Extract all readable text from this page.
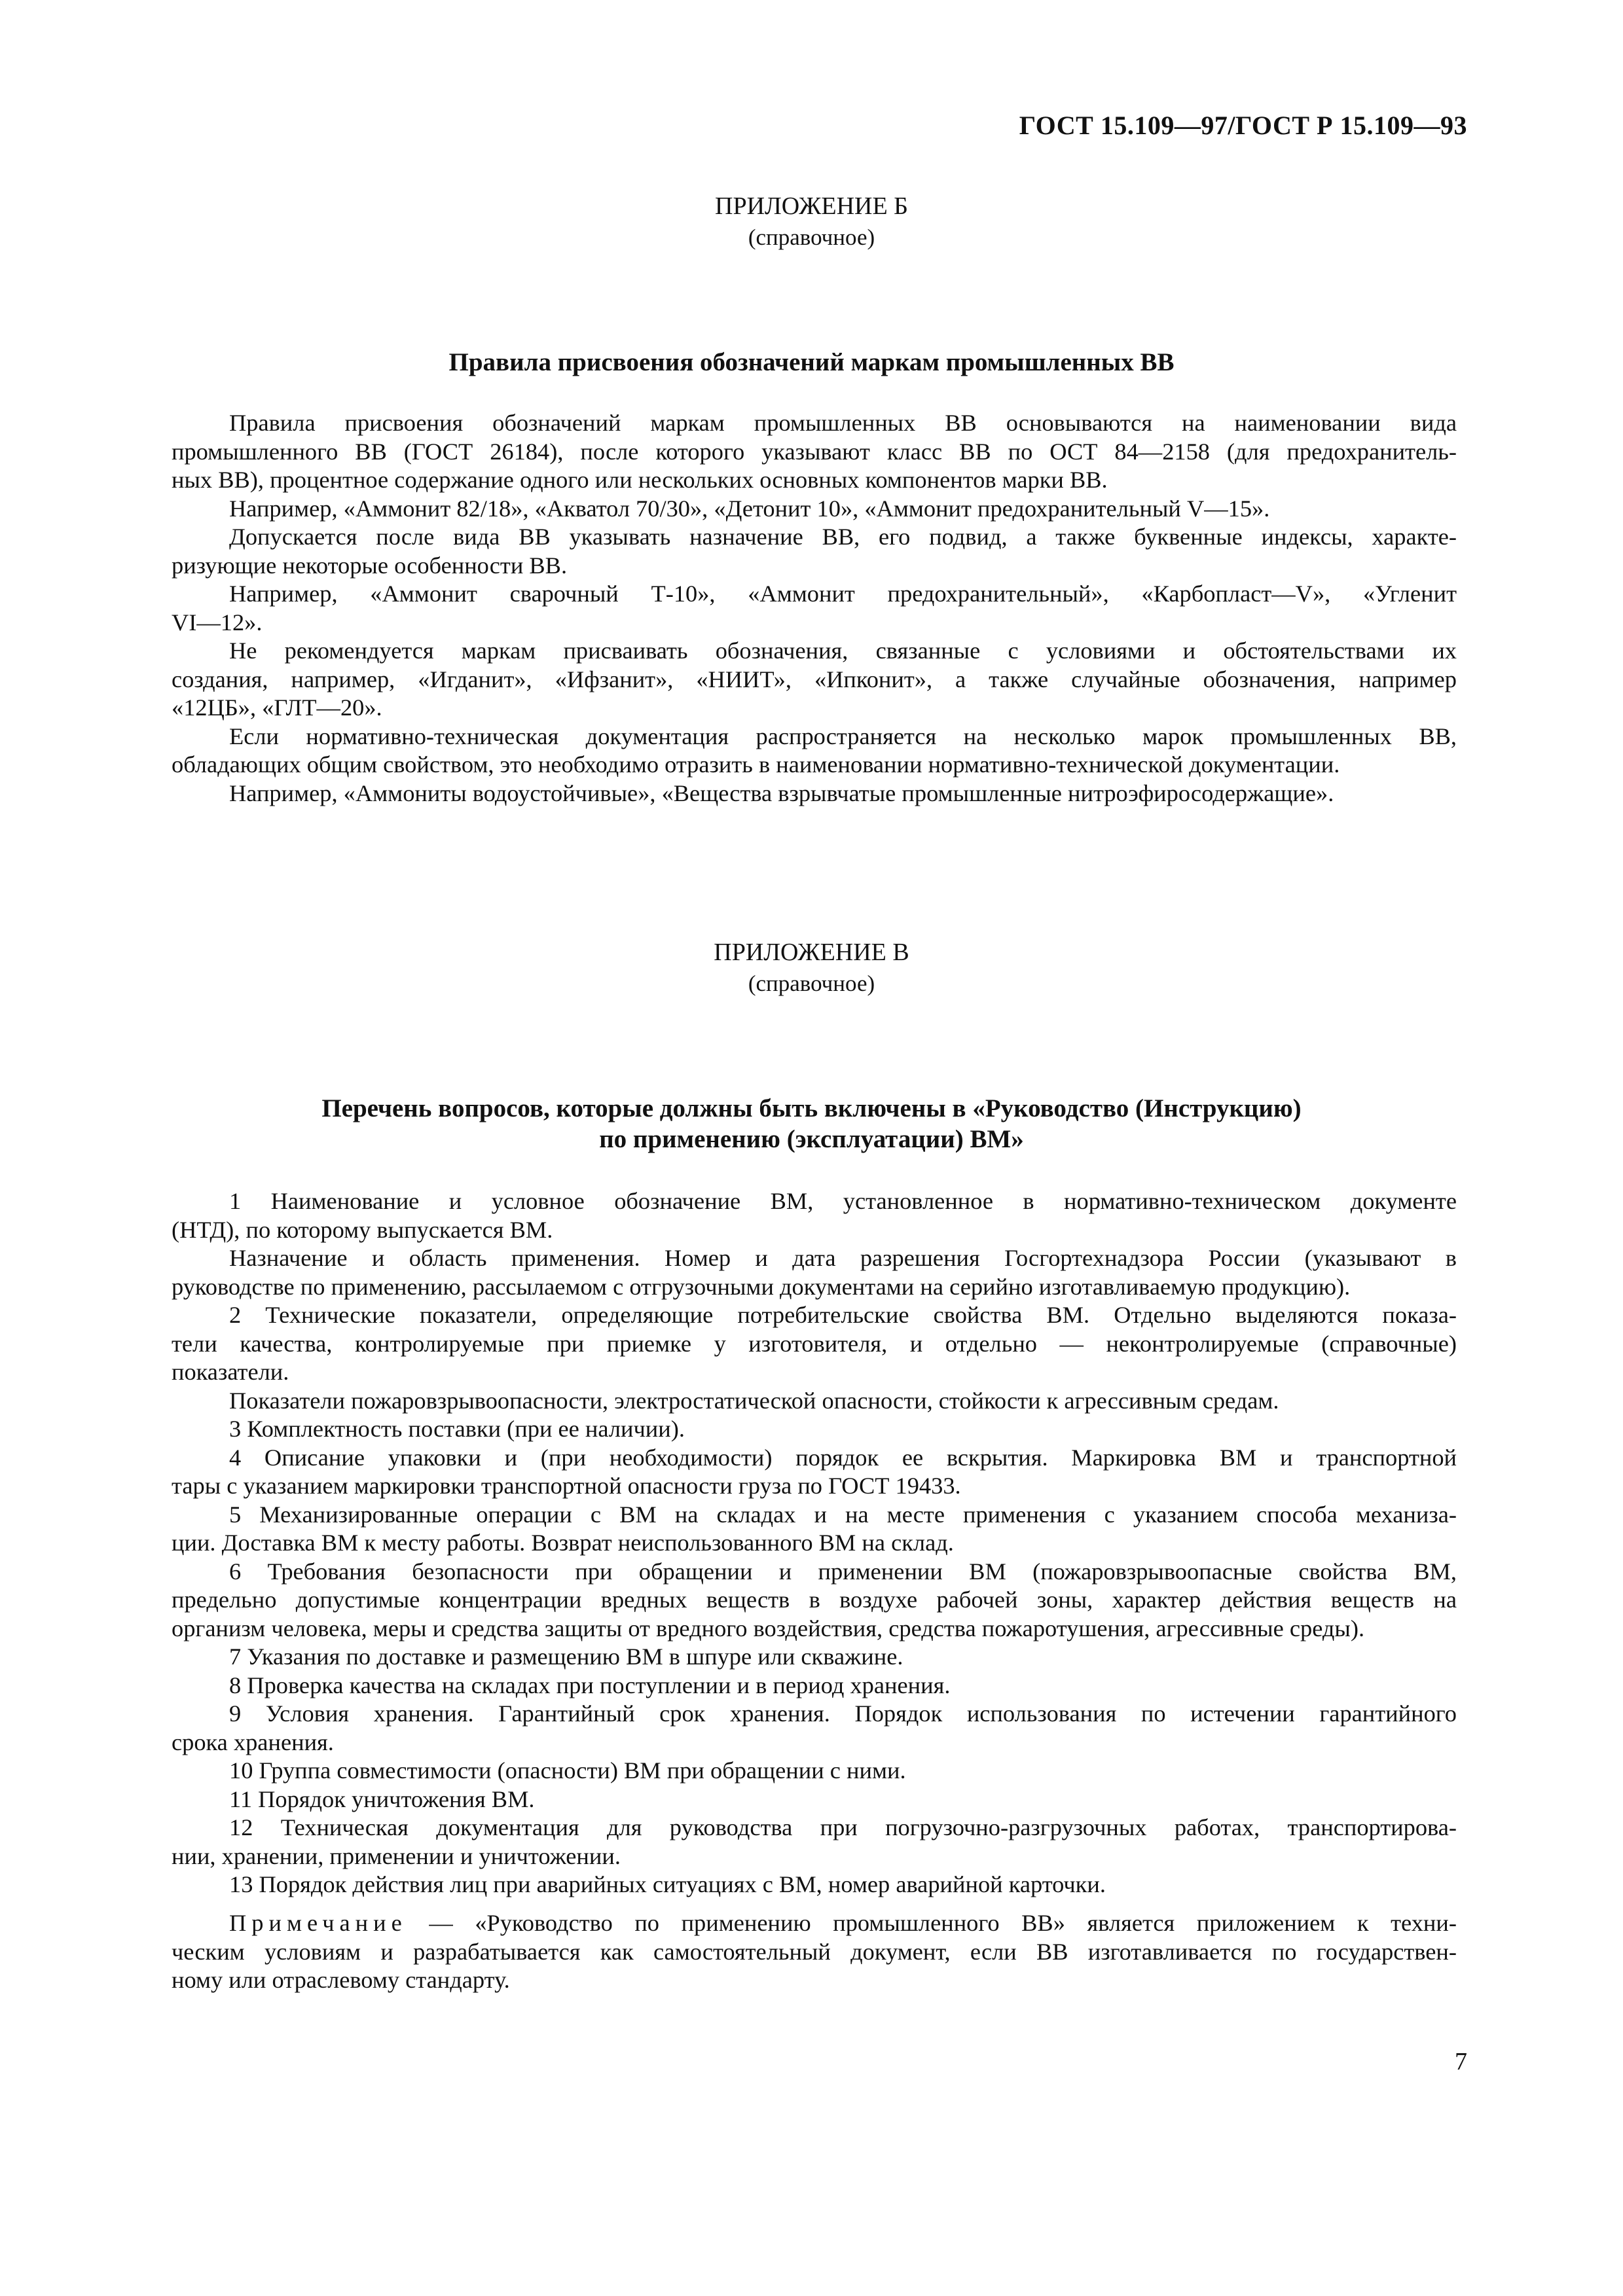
ГОСТ 15.109—97/ГОСТ Р 15.109—93
ПРИЛОЖЕНИЕ Б
(справочное)
Правила присвоения обозначений маркам промышленных ВВ
Правила присвоения обозначений маркам промышленных ВВ основываются на наименовании вида
промышленного ВВ (ГОСТ 26184), после которого указывают класс ВВ по ОСТ 84—2158 (для предохранитель-
ных ВВ), процентное содержание одного или нескольких основных компонентов марки ВВ.
Например, «Аммонит 82/18», «Акватол 70/30», «Детонит 10», «Аммонит предохранительный V—15».
Допускается после вида ВВ указывать назначение ВВ, его подвид, а также буквенные индексы, характе-
ризующие некоторые особенности ВВ.
Например, «Аммонит сварочный Т-10», «Аммонит предохранительный», «Карбопласт—V», «Угленит
VI—12».
Не рекомендуется маркам присваивать обозначения, связанные с условиями и обстоятельствами их
создания, например, «Игданит», «Ифзанит», «НИИТ», «Ипконит», а также случайные обозначения, например
«12ЦБ», «ГЛТ—20».
Если нормативно-техническая документация распространяется на несколько марок промышленных ВВ,
обладающих общим свойством, это необходимо отразить в наименовании нормативно-технической документации.
Например, «Аммониты водоустойчивые», «Вещества взрывчатые промышленные нитроэфиросодержащие».
ПРИЛОЖЕНИЕ В
(справочное)
Перечень вопросов, которые должны быть включены в «Руководство (Инструкцию)
по применению (эксплуатации) ВМ»
1 Наименование и условное обозначение ВМ, установленное в нормативно-техническом документе
(НТД), по которому выпускается ВМ.
Назначение и область применения. Номер и дата разрешения Госгортехнадзора России (указывают в
руководстве по применению, рассылаемом с отгрузочными документами на серийно изготавливаемую продукцию).
2 Технические показатели, определяющие потребительские свойства ВМ. Отдельно выделяются показа-
тели качества, контролируемые при приемке у изготовителя, и отдельно — неконтролируемые (справочные)
показатели.
Показатели пожаровзрывоопасности, электростатической опасности, стойкости к агрессивным средам.
3 Комплектность поставки (при ее наличии).
4 Описание упаковки и (при необходимости) порядок ее вскрытия. Маркировка ВМ и транспортной
тары с указанием маркировки транспортной опасности груза по ГОСТ 19433.
5 Механизированные операции с ВМ на складах и на месте применения с указанием способа механиза-
ции. Доставка ВМ к месту работы. Возврат неиспользованного ВМ на склад.
6 Требования безопасности при обращении и применении ВМ (пожаровзрывоопасные свойства ВМ,
предельно допустимые концентрации вредных веществ в воздухе рабочей зоны, характер действия веществ на
организм человека, меры и средства защиты от вредного воздействия, средства пожаротушения, агрессивные среды).
7 Указания по доставке и размещению ВМ в шпуре или скважине.
8 Проверка качества на складах при поступлении и в период хранения.
9 Условия хранения. Гарантийный срок хранения. Порядок использования по истечении гарантийного
срока хранения.
10 Группа совместимости (опасности) ВМ при обращении с ними.
11 Порядок уничтожения ВМ.
12 Техническая документация для руководства при погрузочно-разгрузочных работах, транспортирова-
нии, хранении, применении и уничтожении.
13 Порядок действия лиц при аварийных ситуациях с ВМ, номер аварийной карточки.
Примечание — «Руководство по применению промышленного ВВ» является приложением к техни-
ческим условиям и разрабатывается как самостоятельный документ, если ВВ изготавливается по государствен-
ному или отраслевому стандарту.
7
